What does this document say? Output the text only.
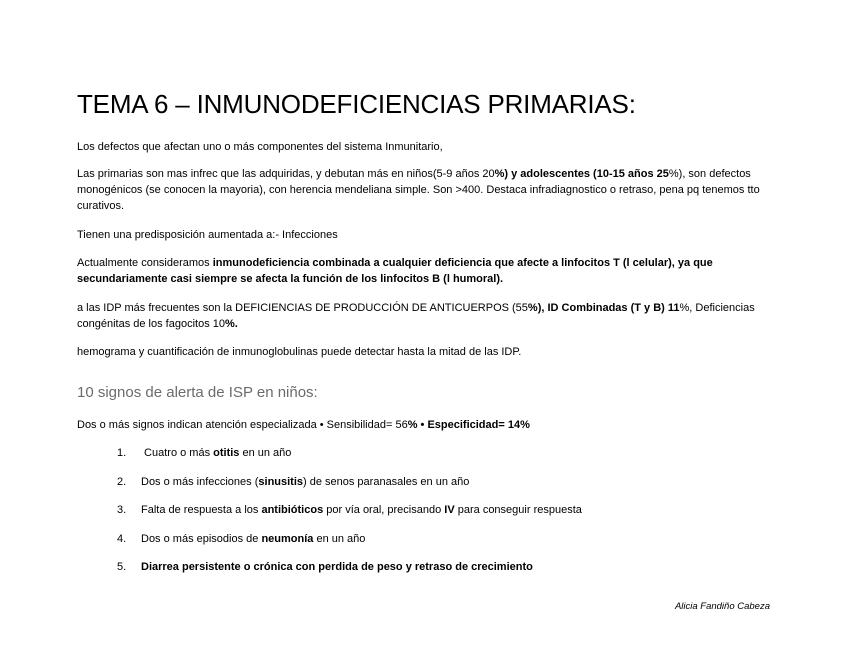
TEMA 6 – INMUNODEFICIENCIAS PRIMARIAS:
Los defectos que afectan uno o más componentes del sistema Inmunitario,
Las primarias son mas infrec que las adquiridas, y debutan más en niños(5-9 años 20%) y adolescentes (10-15 años 25%), son defectos monogénicos (se conocen la mayoria), con herencia mendeliana simple. Son >400. Destaca infradiagnostico o retraso, pena pq tenemos tto curativos.
Tienen una predisposición aumentada a:- Infecciones
Actualmente consideramos inmunodeficiencia combinada a cualquier deficiencia que afecte a linfocitos T (l celular), ya que secundariamente casi siempre se afecta la función de los linfocitos B (l humoral).
a las IDP más frecuentes son la DEFICIENCIAS DE PRODUCCIÓN DE ANTICUERPOS (55%), ID Combinadas (T y B) 11%, Deficiencias congénitas de los fagocitos 10%.
hemograma y cuantificación de inmunoglobulinas puede detectar hasta la mitad de las IDP.
10 signos de alerta de ISP en niños:
Dos o más signos indican atención especializada • Sensibilidad= 56% • Especificidad= 14%
1. Cuatro o más otitis en un año
2. Dos o más infecciones (sinusitis) de senos paranasales en un año
3. Falta de respuesta a los antibióticos por vía oral, precisando IV para conseguir respuesta
4. Dos o más episodios de neumonía en un año
5. Diarrea persistente o crónica con perdida de peso y retraso de crecimiento
Alicia Fandiño Cabeza
